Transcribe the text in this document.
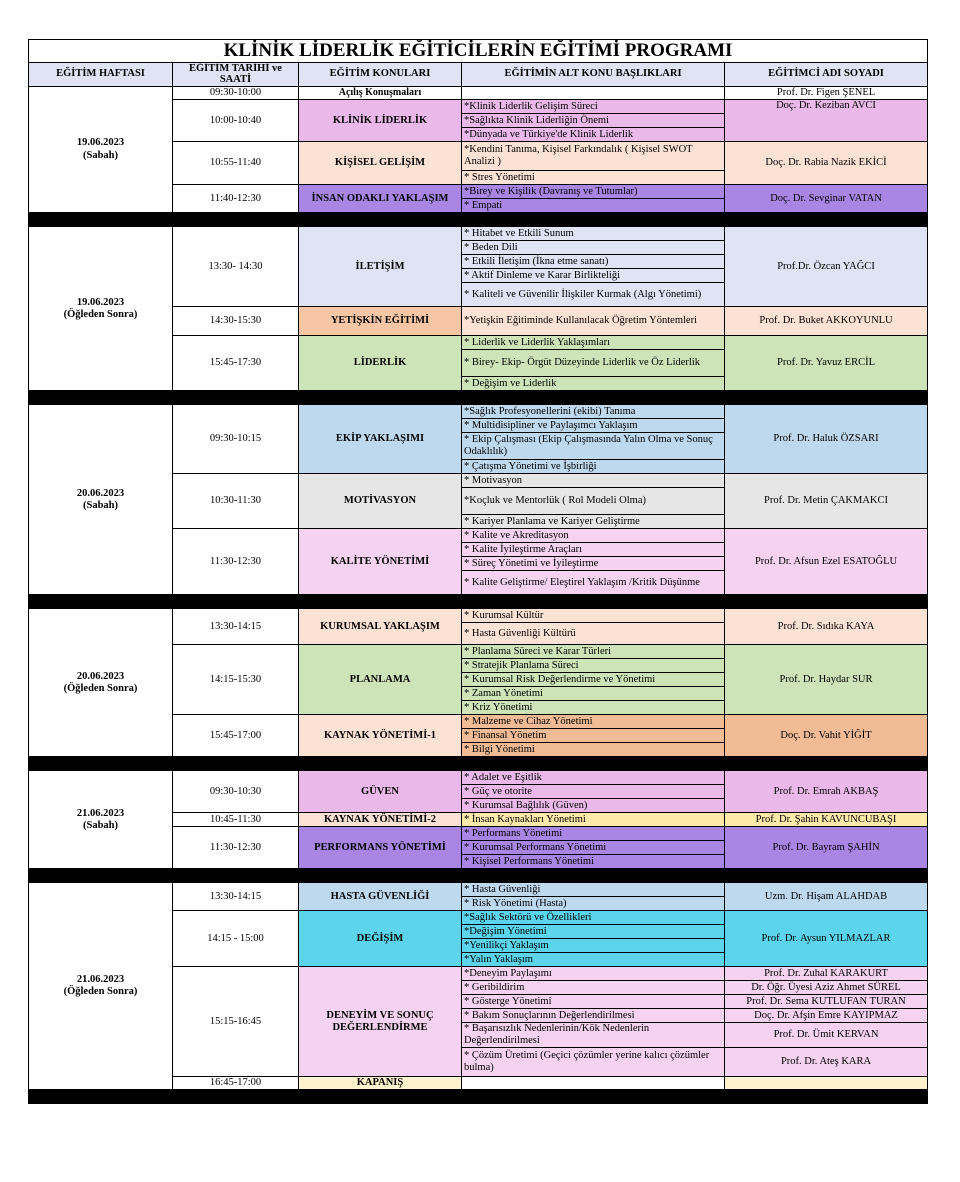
KLİNİK LİDERLİK EĞİTİCİLERİN EĞİTİMİ PROGRAMI				
EĞİTİM HAFTASI	EĞİTİM TARİHİ ve SAATİ	EĞİTİM KONULARI	EĞİTİMİN ALT KONU BAŞLIKLARI	EĞİTİMCİ ADI SOYADI

19.06.2023
(Sabah)	09:30-10:00	Açılış Konuşmaları		Prof. Dr. Figen ŞENEL
	10:00-10:40	KLİNİK LİDERLİK	*Klinik Liderlik Gelişim Süreci	Doç. Dr. Keziban AVCI
			*Sağlıkta Klinik Liderliğin Önemi	
			*Dünyada ve Türkiye'de Klinik Liderlik	
	10:55-11:40	KİŞİSEL GELİŞİM	*Kendini Tanıma, Kişisel Farkındalık ( Kişisel SWOT Analizi )	Doç. Dr. Rabia Nazik EKİCİ
			* Stres Yönetimi	
	11:40-12:30	İNSAN ODAKLI YAKLAŞIM	*Birey ve Kişilik (Davranış ve Tutumlar)	Doç. Dr. Sevginar VATAN
			* Empati	

19.06.2023
(Öğleden Sonra)	13:30- 14:30	İLETİŞİM	* Hitabet ve Etkili Sunum	Prof.Dr. Özcan YAĞCI
			* Beden Dili	
			* Etkili İletişim (İkna etme sanatı)	
			* Aktif Dinleme ve Karar Birlikteliği	
			* Kaliteli ve Güvenilir İlişkiler Kurmak (Algı Yönetimi)	
	14:30-15:30	YETİŞKİN EĞİTİMİ	*Yetişkin Eğitiminde Kullanılacak Öğretim Yöntemleri	Prof. Dr. Buket AKKOYUNLU
	15:45-17:30	LİDERLİK	* Liderlik ve Liderlik Yaklaşımları	Prof. Dr. Yavuz ERCİL
			* Birey- Ekip- Örgüt Düzeyinde Liderlik ve Öz Liderlik	
			* Değişim ve Liderlik	

20.06.2023
(Sabah)	09:30-10:15	EKİP YAKLAŞIMI	*Sağlık Profesyonellerini (ekibi) Tanıma	Prof. Dr. Haluk ÖZSARI
			* Multidisipliner ve Paylaşımcı Yaklaşım	
			* Ekip Çalışması (Ekip Çalışmasında Yalın Olma ve Sonuç Odaklılık)	
			* Çatışma Yönetimi ve İşbirliği	
	10:30-11:30	MOTİVASYON	* Motivasyon	Prof. Dr. Metin ÇAKMAKCI
			*Koçluk ve Mentorlük ( Rol Modeli Olma)	
			* Kariyer Planlama ve Kariyer Geliştirme	
	11:30-12:30	KALİTE YÖNETİMİ	* Kalite ve Akreditasyon	Prof. Dr. Afsun Ezel ESATOĞLU
			* Kalite İyileştirme Araçları	
			* Süreç Yönetimi ve İyileştirme	
			* Kalite Geliştirme/ Eleştirel Yaklaşım /Kritik Düşünme	

20.06.2023
(Öğleden Sonra)	13:30-14:15	KURUMSAL YAKLAŞIM	* Kurumsal Kültür	Prof. Dr. Sıdıka KAYA
			* Hasta Güvenliği Kültürü	
	14:15-15:30	PLANLAMA	* Planlama Süreci ve Karar Türleri	Prof. Dr. Haydar SUR
			* Stratejik Planlama Süreci	
			* Kurumsal Risk Değerlendirme ve Yönetimi	
			* Zaman Yönetimi	
			* Kriz Yönetimi	
	15:45-17:00	KAYNAK YÖNETİMİ-1	* Malzeme ve Cihaz Yönetimi	Doç. Dr. Vahit YİĞİT
			* Finansal Yönetim	
			* Bilgi Yönetimi	

21.06.2023
(Sabah)	09:30-10:30	GÜVEN	* Adalet ve Eşitlik	Prof. Dr. Emrah AKBAŞ
			* Güç ve otorite	
			* Kurumsal Bağlılık (Güven)	
	10:45-11:30	KAYNAK YÖNETİMİ-2	* İnsan Kaynakları Yönetimi	Prof. Dr. Şahin KAVUNCUBAŞI
	11:30-12:30	PERFORMANS YÖNETİMİ	* Performans Yönetimi	Prof. Dr. Bayram ŞAHİN
			* Kurumsal Performans Yönetimi	
			* Kişisel Performans Yönetimi	

21.06.2023
(Öğleden Sonra)	13:30-14:15	HASTA GÜVENLİĞİ	* Hasta Güvenliği	Uzm. Dr. Hişam ALAHDAB
			* Risk Yönetimi (Hasta)	
	14:15 - 15:00	DEĞİŞİM	*Sağlık Sektörü ve Özellikleri	Prof. Dr. Aysun YILMAZLAR
			*Değişim Yönetimi	
			*Yenilikçi Yaklaşım	
			*Yalın Yaklaşım	
	15:15-16:45	DENEYİM VE SONUÇ DEĞERLENDİRME	*Deneyim Paylaşımı	Prof. Dr. Zuhal KARAKURT
			* Geribildirim	Dr. Öğr. Üyesi Aziz Ahmet SÜREL
			* Gösterge Yönetimi	Prof. Dr. Sema KUTLUFAN TURAN
			* Bakım Sonuçlarının Değerlendirilmesi	Doç. Dr. Afşin Emre KAYIPMAZ
			* Başarısızlık Nedenlerinin/Kök Nedenlerin Değerlendirilmesi	Prof. Dr. Ümit KERVAN
			* Çözüm Üretimi (Geçici çözümler yerine kalıcı çözümler bulma)	Prof. Dr. Ateş KARA
	16:45-17:00	KAPANIŞ		
